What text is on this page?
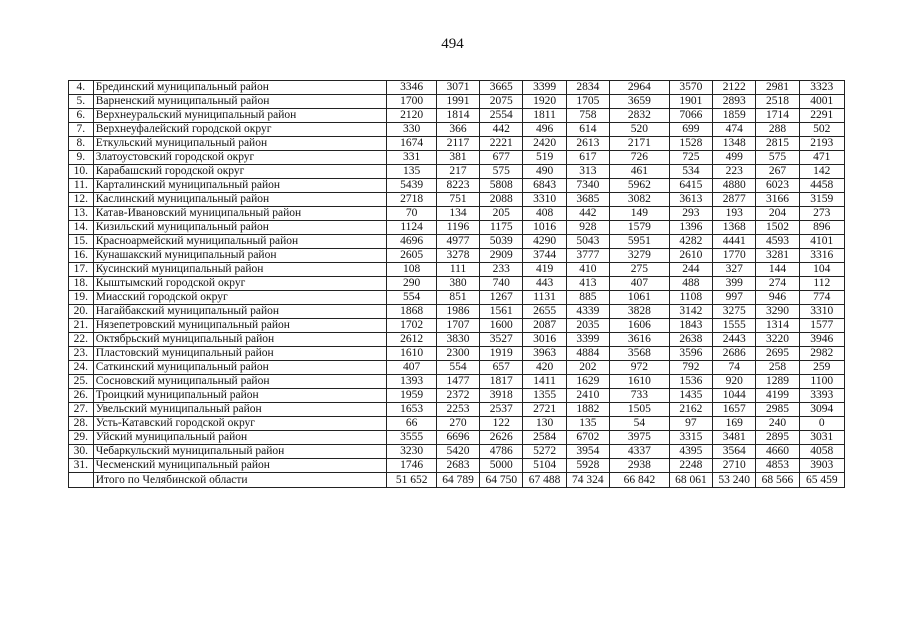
494
4.	Брединский муниципальный район	3346	3071	3665	3399	2834	2964	3570	2122	2981	3323
5.	Варненский муниципальный район	1700	1991	2075	1920	1705	3659	1901	2893	2518	4001
6.	Верхнеуральский муниципальный район	2120	1814	2554	1811	758	2832	7066	1859	1714	2291
7.	Верхнеуфалейский городской округ	330	366	442	496	614	520	699	474	288	502
8.	Еткульский муниципальный район	1674	2117	2221	2420	2613	2171	1528	1348	2815	2193
9.	Златоустовский городской округ	331	381	677	519	617	726	725	499	575	471
10.	Карабашский городской округ	135	217	575	490	313	461	534	223	267	142
11.	Карталинский муниципальный район	5439	8223	5808	6843	7340	5962	6415	4880	6023	4458
12.	Каслинский муниципальный район	2718	751	2088	3310	3685	3082	3613	2877	3166	3159
13.	Катав-Ивановский муниципальный район	70	134	205	408	442	149	293	193	204	273
14.	Кизильский муниципальный район	1124	1196	1175	1016	928	1579	1396	1368	1502	896
15.	Красноармейский муниципальный район	4696	4977	5039	4290	5043	5951	4282	4441	4593	4101
16.	Кунашакский муниципальный район	2605	3278	2909	3744	3777	3279	2610	1770	3281	3316
17.	Кусинский муниципальный район	108	111	233	419	410	275	244	327	144	104
18.	Кыштымский городской округ	290	380	740	443	413	407	488	399	274	112
19.	Миасский городской округ	554	851	1267	1131	885	1061	1108	997	946	774
20.	Нагайбакский муниципальный район	1868	1986	1561	2655	4339	3828	3142	3275	3290	3310
21.	Нязепетровский муниципальный район	1702	1707	1600	2087	2035	1606	1843	1555	1314	1577
22.	Октябрьский муниципальный район	2612	3830	3527	3016	3399	3616	2638	2443	3220	3946
23.	Пластовский муниципальный район	1610	2300	1919	3963	4884	3568	3596	2686	2695	2982
24.	Саткинский муниципальный район	407	554	657	420	202	972	792	74	258	259
25.	Сосновский муниципальный район	1393	1477	1817	1411	1629	1610	1536	920	1289	1100
26.	Троицкий муниципальный район	1959	2372	3918	1355	2410	733	1435	1044	4199	3393
27.	Увельский муниципальный район	1653	2253	2537	2721	1882	1505	2162	1657	2985	3094
28.	Усть-Катавский городской округ	66	270	122	130	135	54	97	169	240	0
29.	Уйский муниципальный район	3555	6696	2626	2584	6702	3975	3315	3481	2895	3031
30.	Чебаркульский муниципальный район	3230	5420	4786	5272	3954	4337	4395	3564	4660	4058
31.	Чесменский муниципальный район	1746	2683	5000	5104	5928	2938	2248	2710	4853	3903
	Итого по Челябинской области	51 652	64 789	64 750	67 488	74 324	66 842	68 061	53 240	68 566	65 459
